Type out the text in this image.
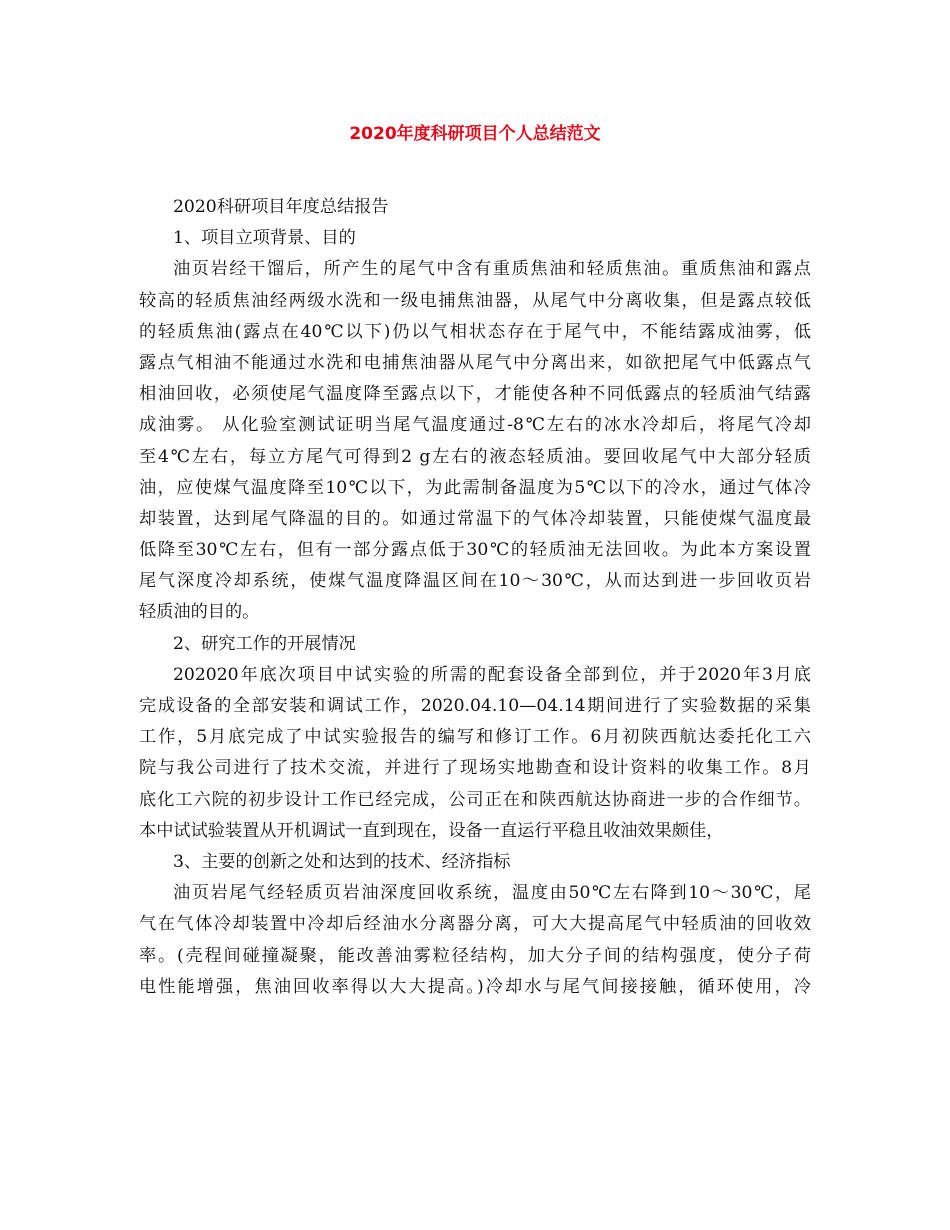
2020年度科研项目个人总结范文
2020科研项目年度总结报告
1、项目立项背景、目的
油页岩经干馏后，所产生的尾气中含有重质焦油和轻质焦油。重质焦油和露点
较高的轻质焦油经两级水洗和一级电捕焦油器，从尾气中分离收集，但是露点较低
的轻质焦油(露点在40℃以下)仍以气相状态存在于尾气中，不能结露成油雾，低
露点气相油不能通过水洗和电捕焦油器从尾气中分离出来，如欲把尾气中低露点气
相油回收，必须使尾气温度降至露点以下，才能使各种不同低露点的轻质油气结露
成油雾。 从化验室测试证明当尾气温度通过-8℃左右的冰水冷却后，将尾气冷却
至4℃左右，每立方尾气可得到2 g左右的液态轻质油。要回收尾气中大部分轻质
油，应使煤气温度降至10℃以下，为此需制备温度为5℃以下的冷水，通过气体冷
却装置，达到尾气降温的目的。如通过常温下的气体冷却装置，只能使煤气温度最
低降至30℃左右，但有一部分露点低于30℃的轻质油无法回收。为此本方案设置
尾气深度冷却系统，使煤气温度降温区间在10～30℃，从而达到进一步回收页岩
轻质油的目的。
2、研究工作的开展情况
202020年底次项目中试实验的所需的配套设备全部到位，并于2020年3月底
完成设备的全部安装和调试工作，2020.04.10—04.14期间进行了实验数据的采集
工作，5月底完成了中试实验报告的编写和修订工作。6月初陕西航达委托化工六
院与我公司进行了技术交流，并进行了现场实地勘查和设计资料的收集工作。8月
底化工六院的初步设计工作已经完成，公司正在和陕西航达协商进一步的合作细节。
本中试试验装置从开机调试一直到现在，设备一直运行平稳且收油效果颇佳，
3、主要的创新之处和达到的技术、经济指标
油页岩尾气经轻质页岩油深度回收系统，温度由50℃左右降到10～30℃，尾
气在气体冷却装置中冷却后经油水分离器分离，可大大提高尾气中轻质油的回收效
率。(壳程间碰撞凝聚，能改善油雾粒径结构，加大分子间的结构强度，使分子荷
电性能增强，焦油回收率得以大大提高。)冷却水与尾气间接接触，循环使用，冷
